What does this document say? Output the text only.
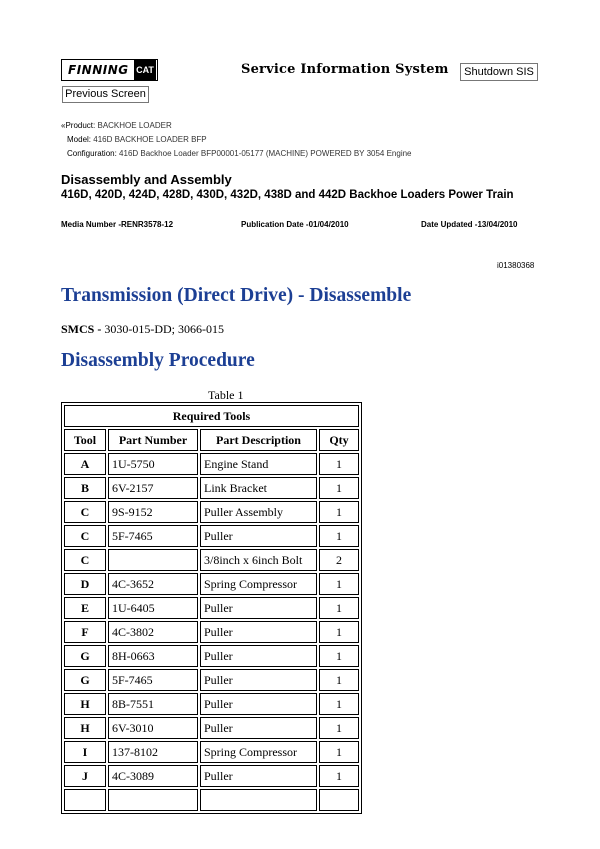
FINNING CAT	Service Information System	Shutdown SIS
Previous Screen
«Product: BACKHOE LOADER
Model: 416D BACKHOE LOADER BFP
Configuration: 416D Backhoe Loader BFP00001-05177 (MACHINE) POWERED BY 3054 Engine
Disassembly and Assembly
416D, 420D, 424D, 428D, 430D, 432D, 438D and 442D Backhoe Loaders Power Train
Media Number -RENR3578-12	Publication Date -01/04/2010	Date Updated -13/04/2010
i01380368
Transmission (Direct Drive) - Disassemble
SMCS - 3030-015-DD; 3066-015
Disassembly Procedure
Table 1
Required Tools			
Tool	Part Number	Part Description	Qty
A	1U-5750	Engine Stand	1
B	6V-2157	Link Bracket	1
C	9S-9152	Puller Assembly	1
C	5F-7465	Puller	1
C		3/8inch x 6inch Bolt	2
D	4C-3652	Spring Compressor	1
E	1U-6405	Puller	1
F	4C-3802	Puller	1
G	8H-0663	Puller	1
G	5F-7465	Puller	1
H	8B-7551	Puller	1
H	6V-3010	Puller	1
I	137-8102	Spring Compressor	1
J	4C-3089	Puller	1
